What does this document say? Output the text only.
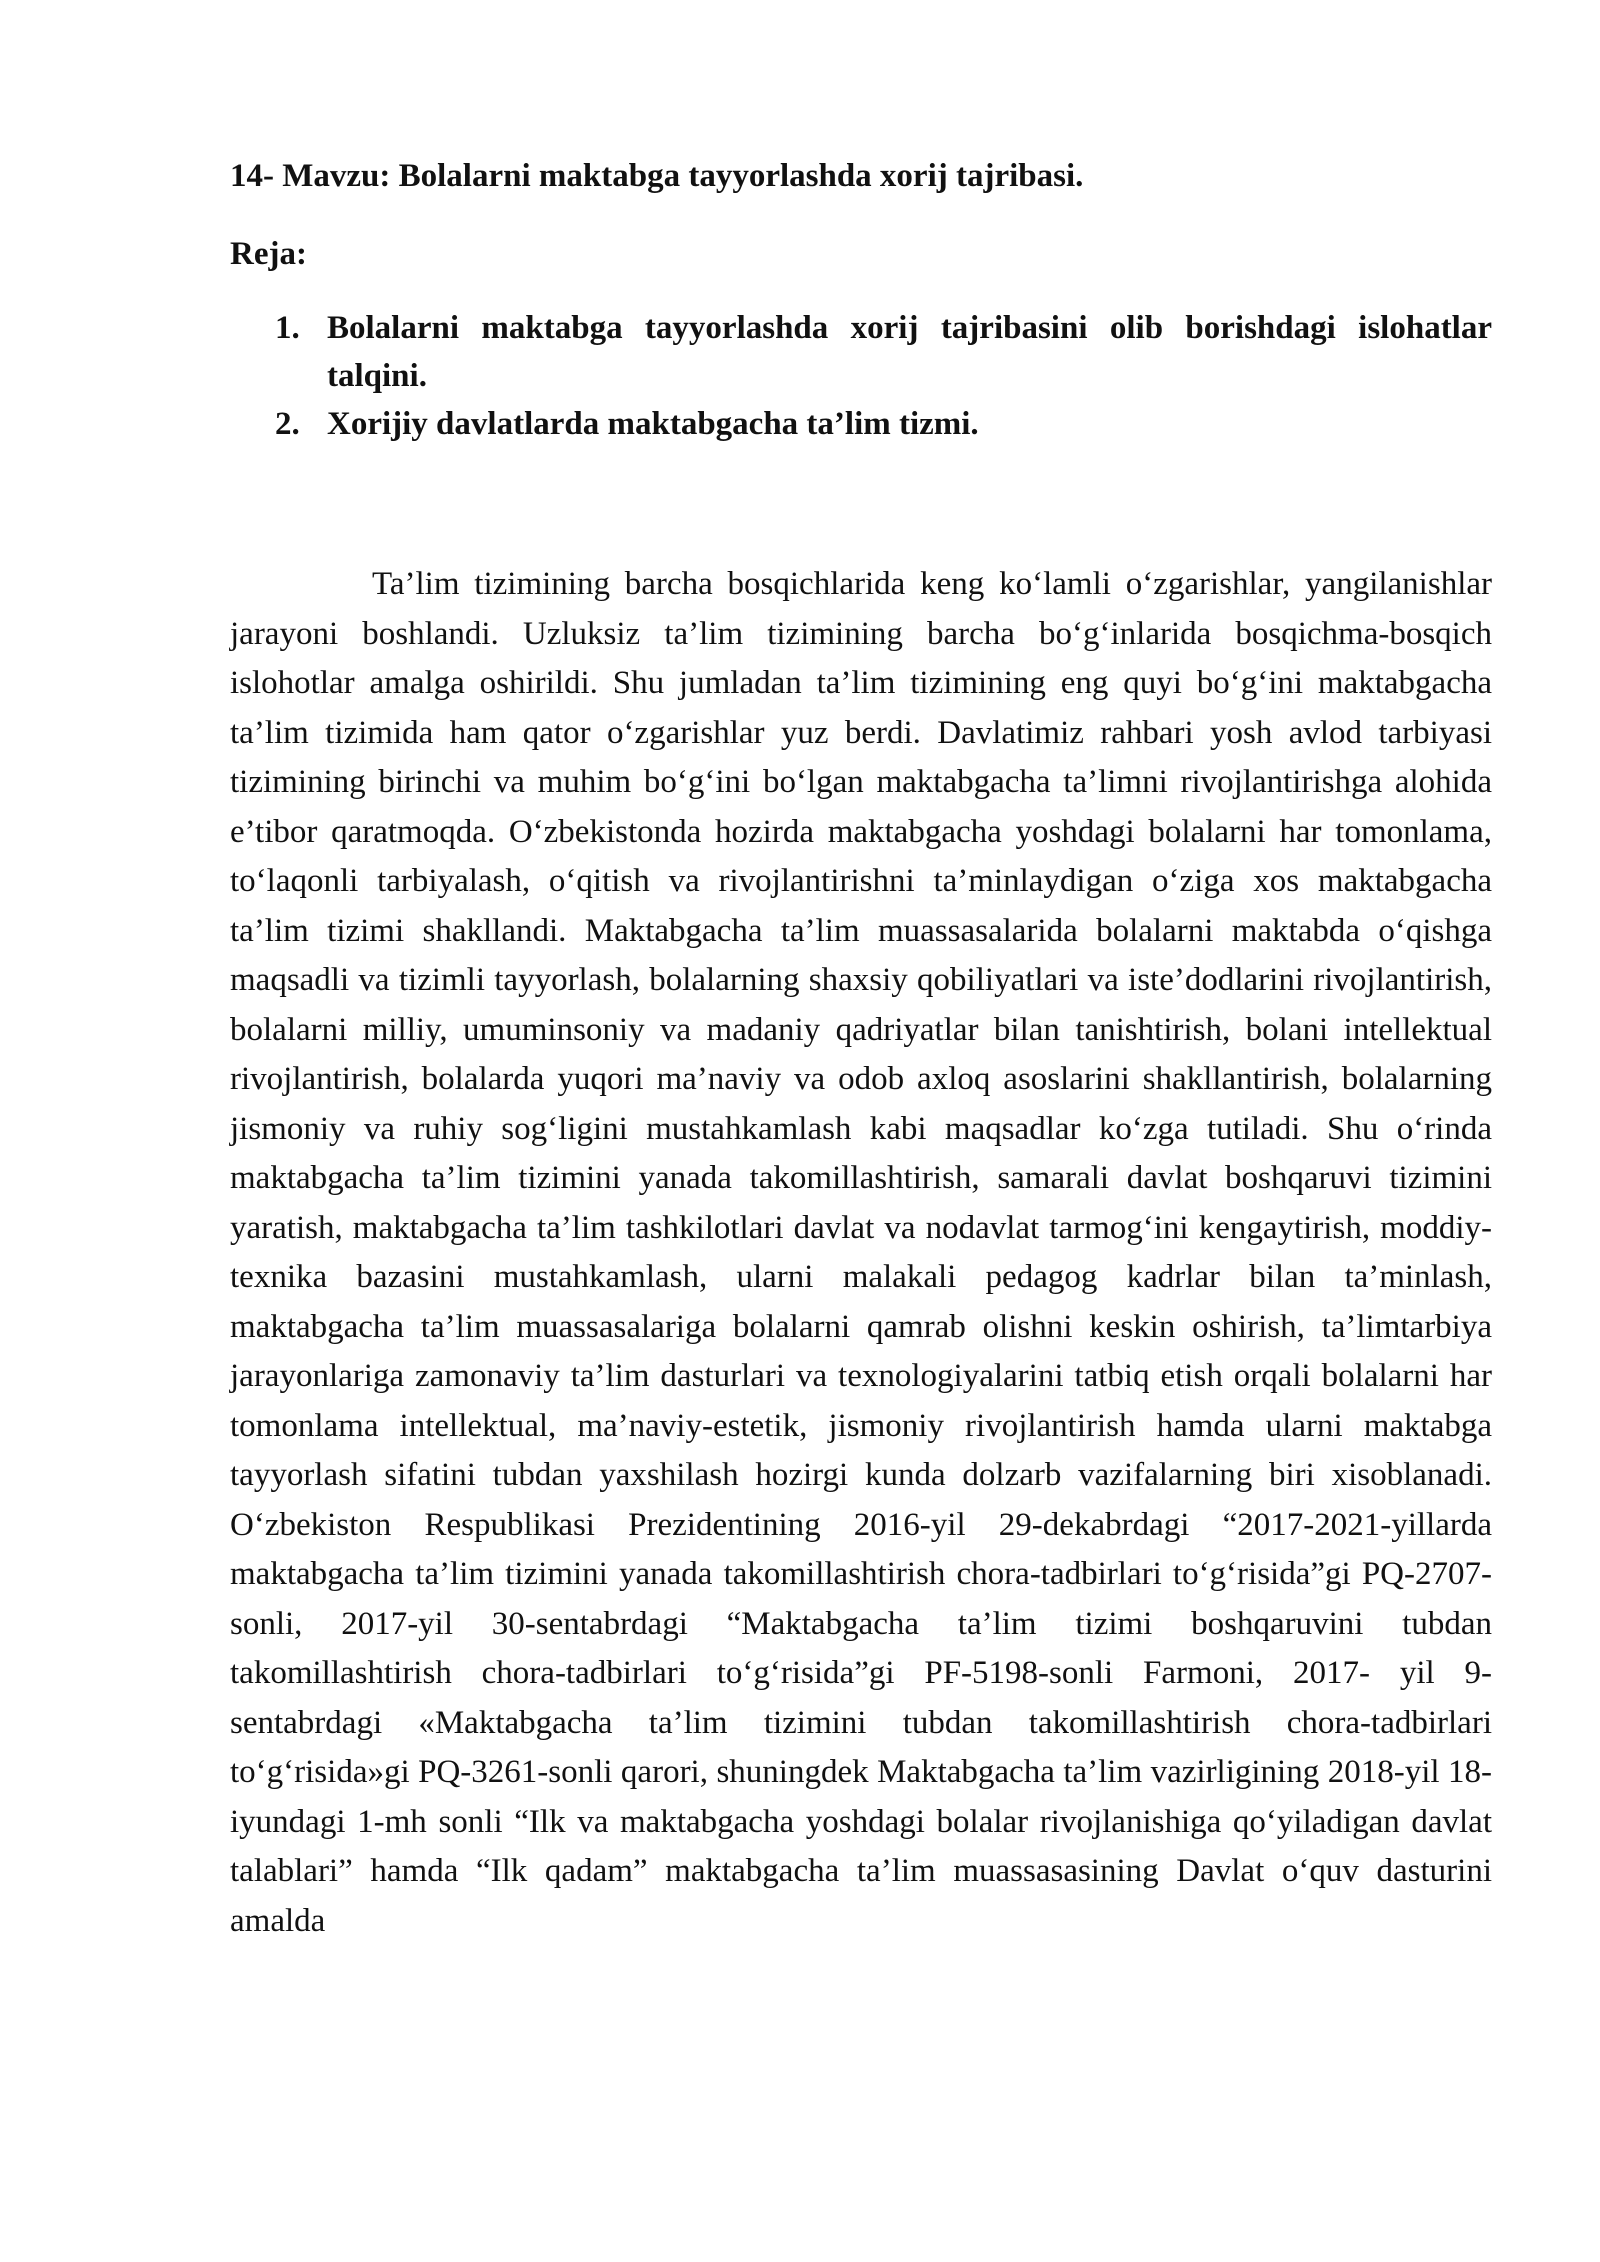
14- Mavzu: Bolalarni maktabga tayyorlashda xorij tajribasi.

Reja:

1. Bolalarni maktabga tayyorlashda xorij tajribasini olib borishdagi islohatlar talqini.
2. Xorijiy davlatlarda maktabgacha ta’lim tizmi.

Ta’lim tizimining barcha bosqichlarida keng ko‘lamli o‘zgarishlar, yangilanishlar jarayoni boshlandi. Uzluksiz ta’lim tizimining barcha bo‘g‘inlarida bosqichma-bosqich islohotlar amalga oshirildi. Shu jumladan ta’lim tizimining eng quyi bo‘g‘ini maktabgacha ta’lim tizimida ham qator o‘zgarishlar yuz berdi. Davlatimiz rahbari yosh avlod tarbiyasi tizimining birinchi va muhim bo‘g‘ini bo‘lgan maktabgacha ta’limni rivojlantirishga alohida e’tibor qaratmoqda. O‘zbekistonda hozirda maktabgacha yoshdagi bolalarni har tomonlama, to‘laqonli tarbiyalash, o‘qitish va rivojlantirishni ta’minlaydigan o‘ziga xos maktabgacha ta’lim tizimi shakllandi. Maktabgacha ta’lim muassasalarida bolalarni maktabda o‘qishga maqsadli va tizimli tayyorlash, bolalarning shaxsiy qobiliyatlari va iste’dodlarini rivojlantirish, bolalarni milliy, umuminsoniy va madaniy qadriyatlar bilan tanishtirish, bolani intellektual rivojlantirish, bolalarda yuqori ma’naviy va odob axloq asoslarini shakllantirish, bolalarning jismoniy va ruhiy sog‘ligini mustahkamlash kabi maqsadlar ko‘zga tutiladi. Shu o‘rinda maktabgacha ta’lim tizimini yanada takomillashtirish, samarali davlat boshqaruvi tizimini yaratish, maktabgacha ta’lim tashkilotlari davlat va nodavlat tarmog‘ini kengaytirish, moddiy-texnika bazasini mustahkamlash, ularni malakali pedagog kadrlar bilan ta’minlash, maktabgacha ta’lim muassasalariga bolalarni qamrab olishni keskin oshirish, ta’limtarbiya jarayonlariga zamonaviy ta’lim dasturlari va texnologiyalarini tatbiq etish orqali bolalarni har tomonlama intellektual, ma’naviy-estetik, jismoniy rivojlantirish hamda ularni maktabga tayyorlash sifatini tubdan yaxshilash hozirgi kunda dolzarb vazifalarning biri xisoblanadi. O‘zbekiston Respublikasi Prezidentining 2016-yil 29-dekabrdagi “2017-2021-yillarda maktabgacha ta’lim tizimini yanada takomillashtirish chora-tadbirlari to‘g‘risida”gi PQ-2707- sonli, 2017-yil 30-sentabrdagi “Maktabgacha ta’lim tizimi boshqaruvini tubdan takomillashtirish chora-tadbirlari to‘g‘risida”gi PF-5198-sonli Farmoni, 2017- yil 9-sentabrdagi «Maktabgacha ta’lim tizimini tubdan takomillashtirish chora-tadbirlari to‘g‘risida»gi PQ-3261-sonli qarori, shuningdek Maktabgacha ta’lim vazirligining 2018-yil 18-iyundagi 1-mh sonli “Ilk va maktabgacha yoshdagi bolalar rivojlanishiga qo‘yiladigan davlat talablari” hamda “Ilk qadam” maktabgacha ta’lim muassasasining Davlat o‘quv dasturini amalda
